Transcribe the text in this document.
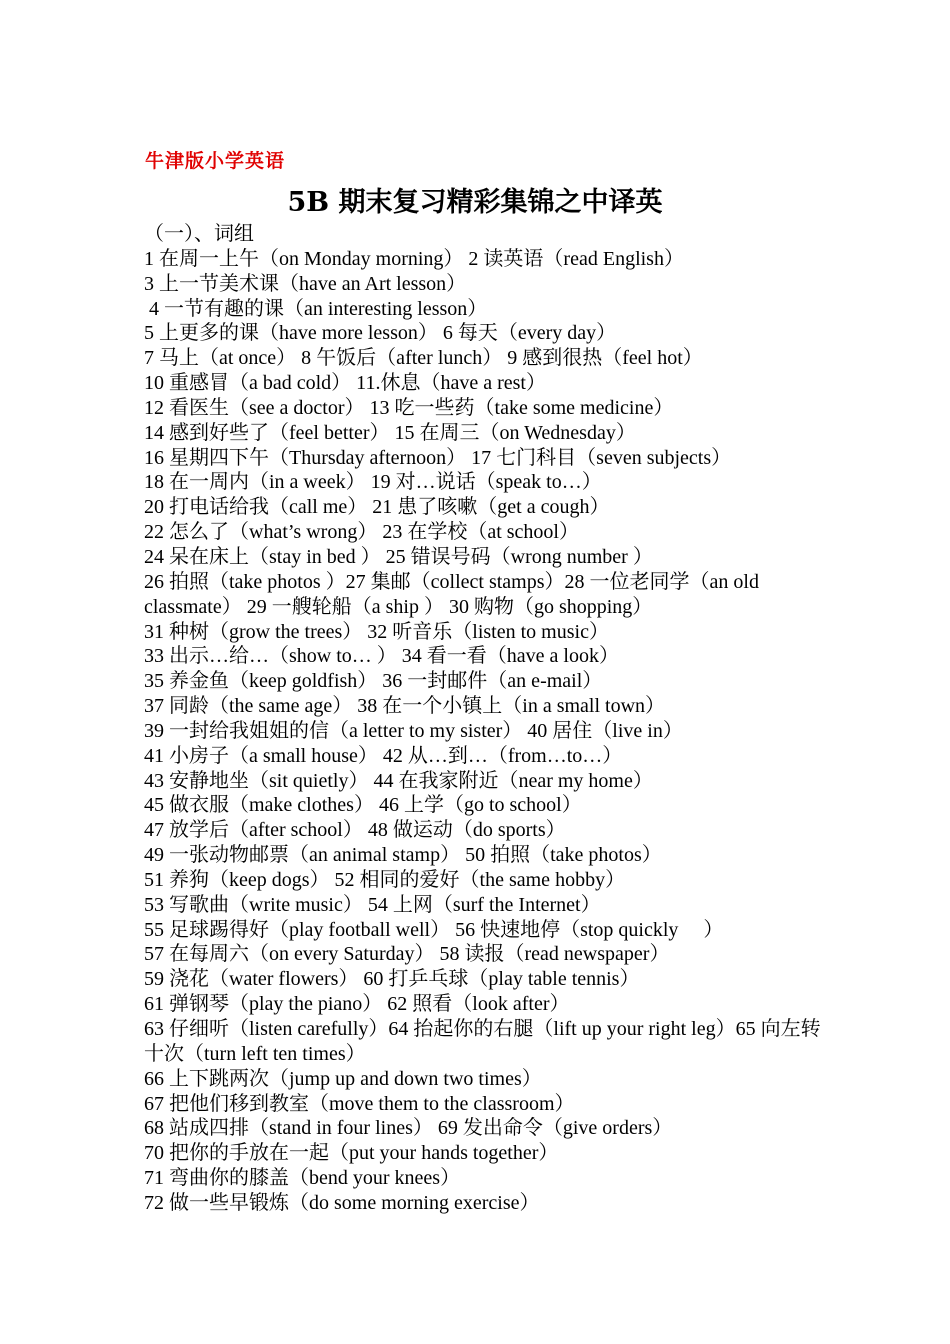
牛津版小学英语
5B 期末复习精彩集锦之中译英
（一）、词组
1 在周一上午（on Monday morning） 2 读英语（read English）
3 上一节美术课（have an Art lesson）
4 一节有趣的课（an interesting lesson）
5 上更多的课（have more lesson） 6 每天（every day）
7 马上（at once） 8 午饭后（after lunch） 9 感到很热（feel hot）
10 重感冒（a bad cold） 11.休息（have a rest）
12 看医生（see a doctor） 13 吃一些药（take some medicine）
14 感到好些了（feel better） 15 在周三（on Wednesday）
16 星期四下午（Thursday afternoon） 17 七门科目（seven subjects）
18 在一周内（in a week） 19 对…说话（speak to…）
20 打电话给我（call me） 21 患了咳嗽（get a cough）
22 怎么了（what’s wrong） 23 在学校（at school）
24 呆在床上（stay in bed ） 25 错误号码（wrong number ）
26 拍照（take photos ）27 集邮（collect stamps）28 一位老同学（an old classmate） 29 一艘轮船（a ship ） 30 购物（go shopping）
31 种树（grow the trees） 32 听音乐（listen to music）
33 出示…给…（show to… ） 34 看一看（have a look）
35 养金鱼（keep goldfish） 36 一封邮件（an e-mail）
37 同龄（the same age） 38 在一个小镇上（in a small town）
39 一封给我姐姐的信（a letter to my sister） 40 居住（live in）
41 小房子（a small house） 42 从…到…（from…to…）
43 安静地坐（sit quietly） 44 在我家附近（near my home）
45 做衣服（make clothes） 46 上学（go to school）
47 放学后（after school） 48 做运动（do sports）
49 一张动物邮票（an animal stamp） 50 拍照（take photos）
51 养狗（keep dogs） 52 相同的爱好（the same hobby）
53 写歌曲（write music） 54 上网（surf the Internet）
55 足球踢得好（play football well） 56 快速地停（stop quickly　 ）
57 在每周六（on every Saturday） 58 读报（read newspaper）
59 浇花（water flowers） 60 打乒乓球（play table tennis）
61 弹钢琴（play the piano） 62 照看（look after）
63 仔细听（listen carefully）64 抬起你的右腿（lift up your right leg）65 向左转十次（turn left ten times）
66 上下跳两次（jump up and down two times）
67 把他们移到教室（move them to the classroom）
68 站成四排（stand in four lines） 69 发出命令（give orders）
70 把你的手放在一起（put your hands together）
71 弯曲你的膝盖（bend your knees）
72 做一些早锻炼（do some morning exercise）
